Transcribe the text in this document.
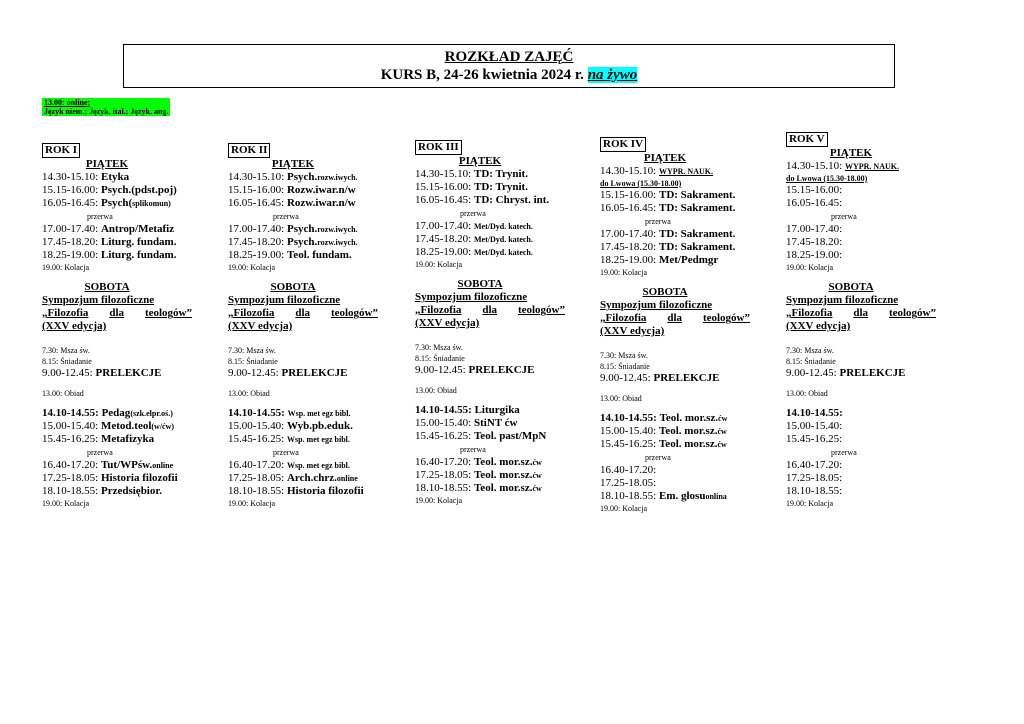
ROZKŁAD ZAJĘĆ
KURS B, 24-26 kwietnia 2024 r. na żywo
13.00: online:
Język niem.; Język. ital.; Język. ang.
ROK I
PIĄTEK
14.30-15.10: Etyka
15.15-16.00: Psych.(pdst.poj)
16.05-16.45: Psych(splikomun)
przerwa
17.00-17.40: Antrop/Metafiz
17.45-18.20: Liturg. fundam.
18.25-19.00: Liturg. fundam.
19.00: Kolacja
SOBOTA
Sympozjum filozoficzne
„Filozofia dla teologów”
(XXV edycja)
7.30: Msza św.
8.15: Śniadanie
9.00-12.45: PRELEKCJE
13.00: Obiad
14.10-14.55: Pedag(szk.elpr.oś.)
15.00-15.40: Metod.teol(w/ćw)
15.45-16.25: Metafizyka
przerwa
16.40-17.20: Tut/WPśw.online
17.25-18.05: Historia filozofii
18.10-18.55: Przedsiębior.
19.00: Kolacja
ROK II
PIĄTEK
14.30-15.10: Psych.rozw.iwych.
15.15-16.00: Rozw.iwar.n/w
16.05-16.45: Rozw.iwar.n/w
przerwa
17.00-17.40: Psych.rozw.iwych.
17.45-18.20: Psych.rozw.iwych.
18.25-19.00: Teol. fundam.
19.00: Kolacja
SOBOTA
Sympozjum filozoficzne
„Filozofia dla teologów”
(XXV edycja)
7.30: Msza św.
8.15: Śniadanie
9.00-12.45: PRELEKCJE
13.00: Obiad
14.10-14.55: Wsp. met egz bibl.
15.00-15.40: Wyb.pb.eduk.
15.45-16.25: Wsp. met egz bibl.
przerwa
16.40-17.20: Wsp. met egz bibl.
17.25-18.05: Arch.chrz.online
18.10-18.55: Historia filozofii
19.00: Kolacja
ROK III
PIĄTEK
14.30-15.10: TD: Trynit.
15.15-16.00: TD: Trynit.
16.05-16.45: TD: Chryst. int.
przerwa
17.00-17.40: Met/Dyd. katech.
17.45-18.20: Met/Dyd. katech.
18.25-19.00: Met/Dyd. katech.
19.00: Kolacja
SOBOTA
Sympozjum filozoficzne
„Filozofia dla teologów”
(XXV edycja)
7.30: Msza św.
8.15: Śniadanie
9.00-12.45: PRELEKCJE
13.00: Obiad
14.10-14.55: Liturgika
15.00-15.40: StiNT ćw
15.45-16.25: Teol. past/MpN
przerwa
16.40-17.20: Teol. mor.sz.ćw
17.25-18.05: Teol. mor.sz.ćw
18.10-18.55: Teol. mor.sz.ćw
19.00: Kolacja
ROK IV
PIĄTEK
14.30-15.10: WYPR. NAUK.
do Lwowa (15.30-18.00)
15.15-16.00: TD: Sakrament.
16.05-16.45: TD: Sakrament.
przerwa
17.00-17.40: TD: Sakrament.
17.45-18.20: TD: Sakrament.
18.25-19.00: Met/Pedmgr
19.00: Kolacja
SOBOTA
Sympozjum filozoficzne
„Filozofia dla teologów”
(XXV edycja)
7.30: Msza św.
8.15: Śniadanie
9.00-12.45: PRELEKCJE
13.00: Obiad
14.10-14.55: Teol. mor.sz.ćw
15.00-15.40: Teol. mor.sz.ćw
15.45-16.25: Teol. mor.sz.ćw
przerwa
16.40-17.20:
17.25-18.05:
18.10-18.55: Em. głosuonlina
19.00: Kolacja
ROK V
PIĄTEK
14.30-15.10: WYPR. NAUK.
do Lwowa (15.30-18.00)
15.15-16.00:
16.05-16.45:
przerwa
17.00-17.40:
17.45-18.20:
18.25-19.00:
19.00: Kolacja
SOBOTA
Sympozjum filozoficzne
„Filozofia dla teologów”
(XXV edycja)
7.30: Msza św.
8.15: Śniadanie
9.00-12.45: PRELEKCJE
13.00: Obiad
14.10-14.55:
15.00-15.40:
15.45-16.25:
przerwa
16.40-17.20:
17.25-18.05:
18.10-18.55:
19.00: Kolacja
